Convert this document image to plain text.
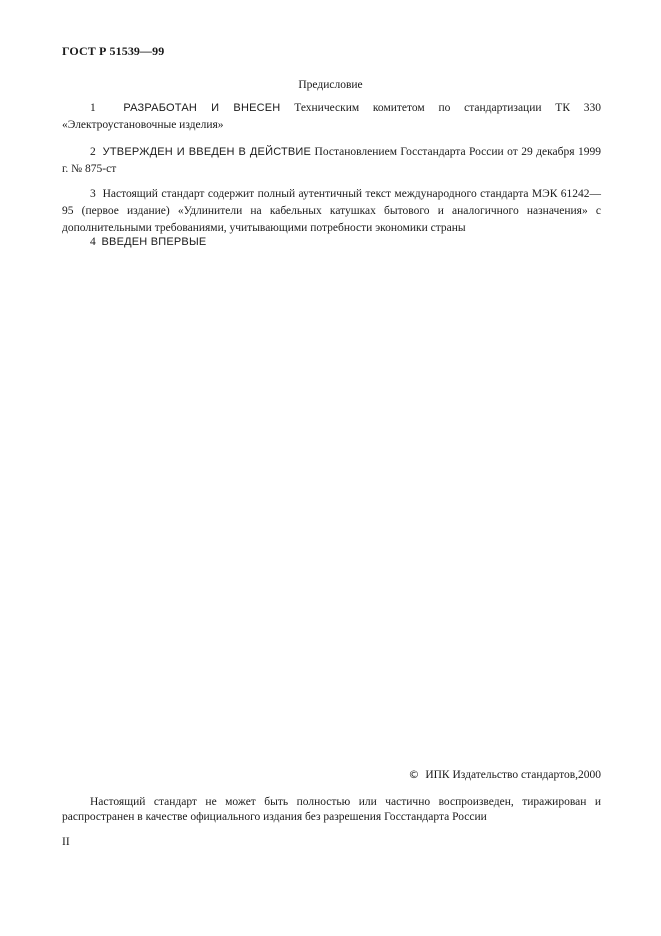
ГОСТ Р 51539—99
Предисловие

1	РАЗРАБОТАН И ВНЕСЕН Техническим комитетом по стандартизации ТК 330 «Электроустановочные изделия»

2 УТВЕРЖДЕН И ВВЕДЕН В ДЕЙСТВИЕ Постановлением Госстандарта России от 29 декабря 1999 г. № 875-ст

3 Настоящий стандарт содержит полный аутентичный текст международного стандарта МЭК 61242—95 (первое издание) «Удлинители на кабельных катушках бытового и аналогичного назначения» с дополнительными требованиями, учитывающими потребности экономики страны

4 ВВЕДЕН ВПЕРВЫЕ

© ИПК Издательство стандартов,2000

Настоящий стандарт не может быть полностью или частично воспроизведен, тиражирован и распространен в качестве официального издания без разрешения Госстандарта России

II
